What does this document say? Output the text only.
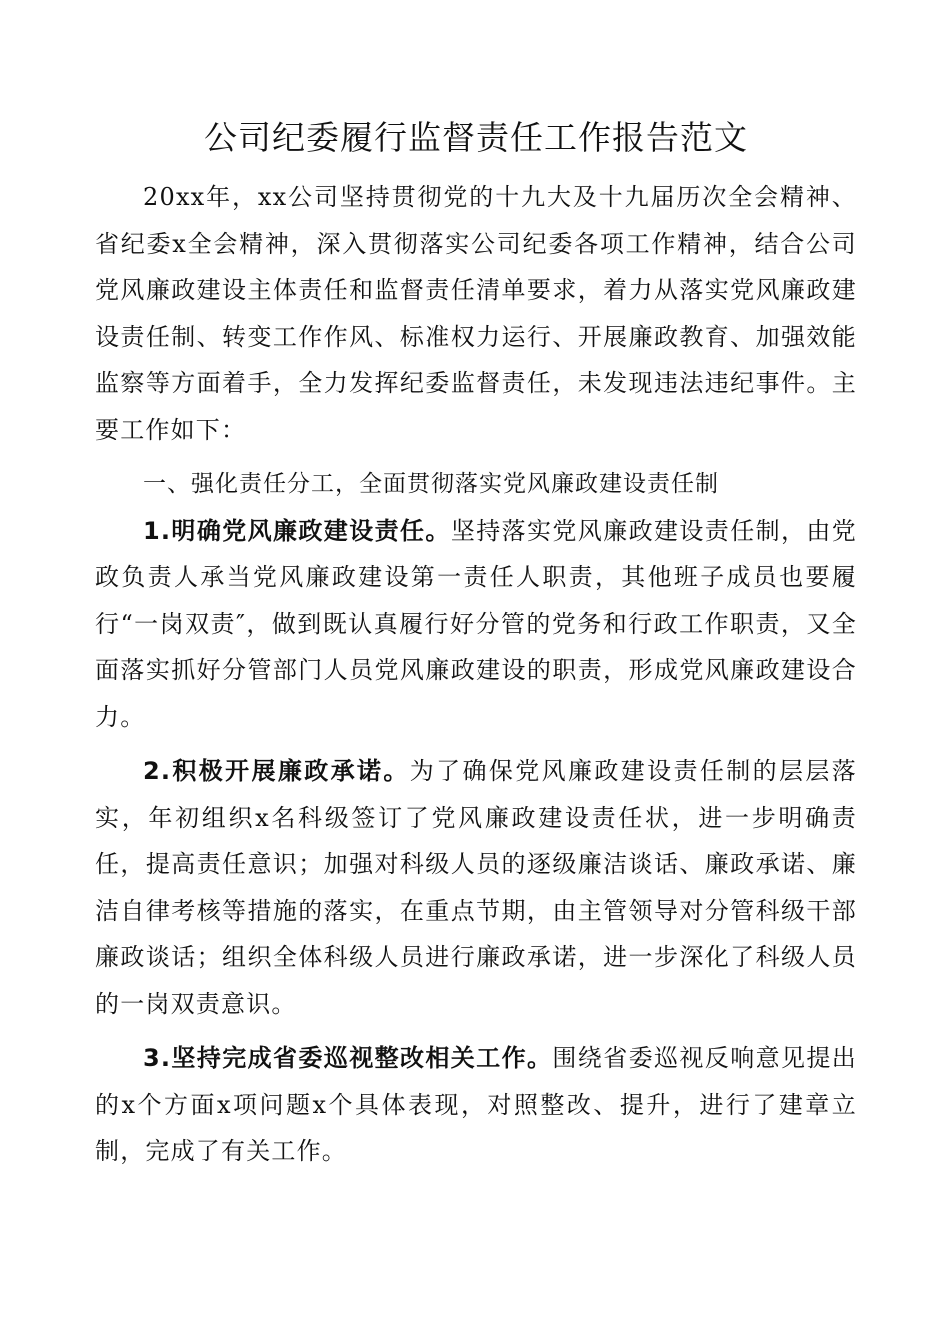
公司纪委履行监督责任工作报告范文

20xx年，xx公司坚持贯彻党的十九大及十九届历次全会精神、省纪委x全会精神，深入贯彻落实公司纪委各项工作精神，结合公司党风廉政建设主体责任和监督责任清单要求，着力从落实党风廉政建设责任制、转变工作作风、标准权力运行、开展廉政教育、加强效能监察等方面着手，全力发挥纪委监督责任，未发现违法违纪事件。主要工作如下：

一、强化责任分工，全面贯彻落实党风廉政建设责任制

1.明确党风廉政建设责任。坚持落实党风廉政建设责任制，由党政负责人承当党风廉政建设第一责任人职责，其他班子成员也要履行“一岗双责″，做到既认真履行好分管的党务和行政工作职责，又全面落实抓好分管部门人员党风廉政建设的职责，形成党风廉政建设合力。

2.积极开展廉政承诺。为了确保党风廉政建设责任制的层层落实，年初组织x名科级签订了党风廉政建设责任状，进一步明确责任，提高责任意识；加强对科级人员的逐级廉洁谈话、廉政承诺、廉洁自律考核等措施的落实，在重点节期，由主管领导对分管科级干部廉政谈话；组织全体科级人员进行廉政承诺，进一步深化了科级人员的一岗双责意识。

3.坚持完成省委巡视整改相关工作。围绕省委巡视反响意见提出的x个方面x项问题x个具体表现，对照整改、提升，进行了建章立制，完成了有关工作。
